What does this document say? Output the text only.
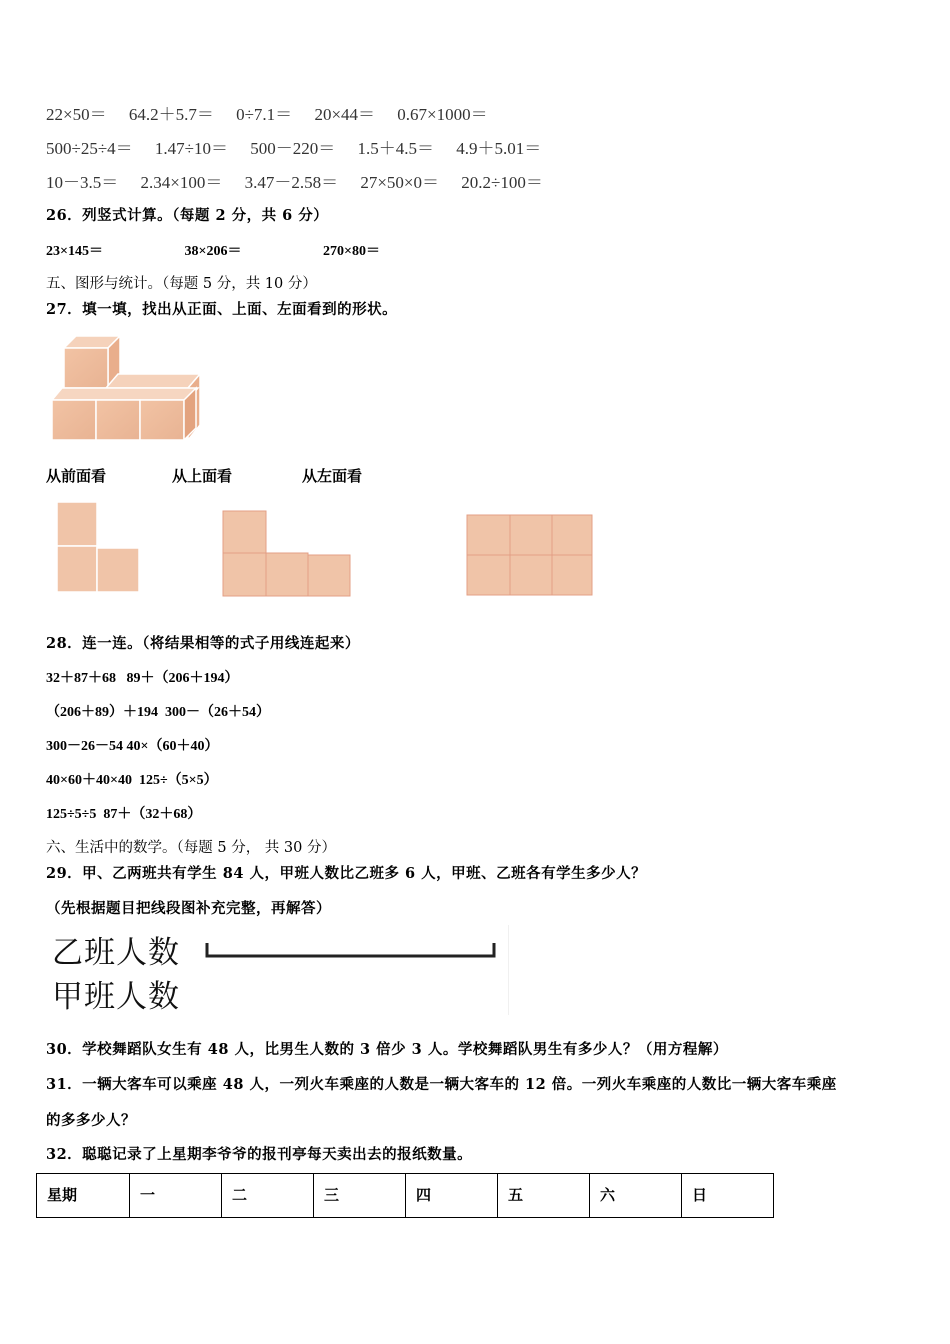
22×50＝ 64.2＋5.7＝ 0÷7.1＝ 20×44＝ 0.67×1000＝
500÷25÷4＝ 1.47÷10＝ 500－220＝ 1.5＋4.5＝ 4.9＋5.01＝
10－3.5＝ 2.34×100＝ 3.47－2.58＝ 27×50×0＝ 20.2÷100＝
26．列竖式计算。（每题 2 分，共 6 分）
23×145＝	38×206＝	270×80＝
五、图形与统计。（每题 5 分，共 10 分）
27．填一填，找出从正面、上面、左面看到的形状。
从前面看	从上面看	从左面看
28．连一连。（将结果相等的式子用线连起来）
32＋87＋68 89＋（206＋194）
（206＋89）＋194 300－（26＋54）
300－26－54 40×（60＋40）
40×60＋40×40 125÷（5×5）
125÷5÷5 87＋（32＋68）
六、生活中的数学。（每题 5 分， 共 30 分）
29．甲、乙两班共有学生 84 人，甲班人数比乙班多 6 人，甲班、乙班各有学生多少人？
（先根据题目把线段图补充完整，再解答）
乙班人数
甲班人数
30．学校舞蹈队女生有 48 人，比男生人数的 3 倍少 3 人。学校舞蹈队男生有多少人？（用方程解）
31．一辆大客车可以乘座 48 人，一列火车乘座的人数是一辆大客车的 12 倍。一列火车乘座的人数比一辆大客车乘座
的多多少人？
32．聪聪记录了上星期李爷爷的报刊亭每天卖出去的报纸数量。
星期	一	二	三	四	五	六	日
